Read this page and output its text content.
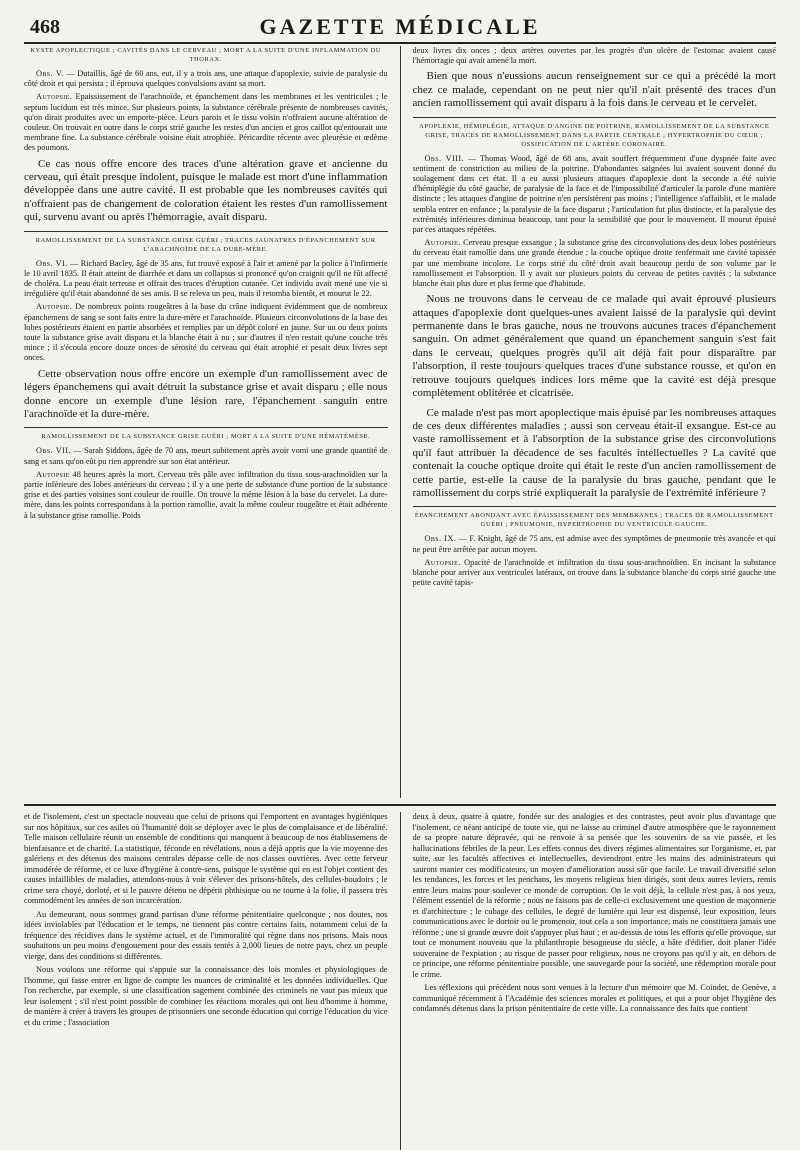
468	GAZETTE MÉDICALE
KYSTE APOPLECTIQUE ; CAVITÉS DANS LE CERVEAU ; MORT A LA SUITE D'UNE INFLAMMATION DU THORAX.

Obs. V. — Dutaillis, âgé de 60 ans, eut, il y a trois ans, une attaque d'apoplexie, suivie de paralysie du côté droit et qui persista ; il éprouva quelques convulsions avant sa mort.

Autopsie. Epaississement de l'arachnoïde, et épanchement dans les membranes et les ventricules ; le septum lucidum est très mince. Sur plusieurs points, la substance cérébrale présente de nombreuses cavités, qu'on dirait produites avec un emporte-pièce. Leurs parois et le tissu voisin n'offraient aucune altération de couleur. On trouvait en outre dans le corps strié gauche les restes d'un ancien et gros caillot qu'entourait une membrane fine. La substance cérébrale voisine était atrophiée. Péricardite récente avec pleurésie et œdème des poumons.

Ce cas nous offre encore des traces d'une altération grave et ancienne du cerveau, qui était presque indolent, puisque le malade est mort d'une inflammation développée dans une autre cavité. Il est probable que les nombreuses cavités qui n'offraient pas de changement de coloration étaient les restes d'un ramollissement qui, survenu avant ou après l'hémorragie, avait disparu.

RAMOLLISSEMENT DE LA SUBSTANCE GRISE GUÉRI ; TRACES JAUNATRES D'ÉPANCHEMENT SUR L'ARACHNOÏDE DE LA DURE-MÈRE.

Obs. VI. — Richard Bacley, âgé de 35 ans, fut trouvé exposé à l'air et amené par la police à l'infirmerie le 10 avril 1835. Il était atteint de diarrhée et dans un collapsus si prononcé qu'on craignit qu'il ne fût affecté de choléra. La peau était terreuse et offrait des traces d'éruption cutanée. Cet individu avait mené une vie si irrégulière qu'il était abandonné de ses amis. Il se releva un peu, mais il retomba bientôt, et mourut le 22.

Autopsie. De nombreux points rougeâtres à la base du crâne indiquent évidemment que de nombreux épanchemens de sang se sont faits entre la dure-mère et l'arachnoïde. Plusieurs circonvolutions de la base des lobes postérieurs étaient en partie absorbées et remplies par un dépôt coloré en jaune. Sur un ou deux points toute la substance grise avait disparu et la blanche était à nu ; sur d'autres il n'en restait qu'une couche très mince ; il s'écoula encore douze onces de sérosité du cerveau qui était atrophié et pesait deux livres sept onces.

Cette observation nous offre encore un exemple d'un ramollissement avec de légers épanchemens qui avait détruit la substance grise et avait disparu ; elle nous donne encore un exemple d'une lésion rare, l'épanchement sanguin entre l'arachnoïde et la dure-mère.

RAMOLLISSEMENT DE LA SUBSTANCE GRISE GUÉRI ; MORT A LA SUITE D'UNE HÉMATÉMÈSE.

Obs. VII. — Sarah Siddons, âgée de 70 ans, meurt subitement après avoir vomi une grande quantité de sang et sans qu'on eût pu rien apprendre sur son état antérieur.

Autopsie 48 heures après la mort. Cerveau très pâle avec infiltration du tissu sous-arachnoïdien sur la partie inférieure des lobes antérieurs du cerveau ; il y a une perte de substance d'une portion de la substance grise et des parties voisines sont couleur de rouille. On trouve la même lésion à la base du cervelet. La dure-mère, dans les points correspondans à la portion ramollie, avait la même couleur rougeâtre et était adhérente à la substance grise ramollie. Poids

deux livres dix onces ; deux artères ouvertes par les progrès d'un ulcère de l'estomac avaient causé l'hémorragie qui avait amené la mort.

Bien que nous n'eussions aucun renseignement sur ce qui a précédé la mort chez ce malade, cependant on ne peut nier qu'il n'ait présenté des traces d'un ancien ramollissement qui avait disparu à la fois dans le cerveau et le cervelet.

APOPLEXIE, HÉMIPLÉGIE, ATTAQUE D'ANGINE DE POITRINE, RAMOLLISSEMENT DE LA SUBSTANCE GRISE, TRACES DE RAMOLLISSEMENT DANS LA PARTIE CENTRALE ; HYPERTROPHIE DU CŒUR ; OSSIFICATION DE L'ARTÈRE CORONAIRE.

Obs. VIII. — Thomas Wood, âgé de 68 ans, avait souffert fréquemment d'une dyspnée faite avec sentiment de constriction au milieu de la poitrine. D'abondantes saignées lui avaient souvent donné du soulagement dans cet état. Il a eu aussi plusieurs attaques d'apoplexie dont la seconde a été suivie d'hémiplégie du côté gauche, de paralysie de la face et de l'impossibilité d'articuler la parole d'une manière distincte ; les attaques d'angine de poitrine n'en persistèrent pas moins ; l'intelligence s'affaiblit, et le malade sembla entrer en enfance ; la paralysie de la face disparut ; l'articulation fut plus distincte, et la paralysie des extrémités inférieures diminua beaucoup, tant pour la sensibilité que pour le mouvement. Il mourut épuisé par ces attaques répétées.

Autopsie. Cerveau presque exsangue ; la substance grise des circonvolutions des deux lobes postérieurs du cerveau était ramollie dans une grande étendue ; la couche optique droite renfermait une cavité tapissée par une membrane incolore. Le corps strié du côté droit avait beaucoup perdu de son volume par le ramollissement et l'absorption. Il y avait sur plusieurs points du cerveau de petites cavités ; la substance blanche était plus dure et plus ferme que d'habitude.

Nous ne trouvons dans le cerveau de ce malade qui avait éprouvé plusieurs attaques d'apoplexie dont quelques-unes avaient laissé de la paralysie qui devint permanente dans le bras gauche, nous ne trouvons aucunes traces d'épanchement sanguin. On admet généralement que quand un épanchement sanguin s'est fait dans le cerveau, quelques progrès qu'il ait déjà fait pour disparaître par l'absorption, il reste toujours quelques traces d'une substance rousse, et qu'on en retrouve toujours quelques indices lors même que la cavité est déjà presque complètement oblitérée et cicatrisée.

Ce malade n'est pas mort apoplectique mais épuisé par les nombreuses attaques de ces deux différentes maladies ; aussi son cerveau était-il exsangue. Est-ce au vaste ramollissement et à l'absorption de la substance grise des circonvolutions qu'il faut attribuer la décadence de ses facultés intellectuelles ? La cavité que contenait la couche optique droite qui était le reste d'un ancien ramollissement de cette partie, est-elle la cause de la paralysie du bras gauche, pendant que le ramollissement du corps strié expliquerait la paralysie de l'extrémité inférieure ?

ÉPANCHEMENT ABONDANT AVEC ÉPAISSISSEMENT DES MEMBRANES ; TRACES DE RAMOLLISSEMENT GUÉRI ; PNEUMONIE, HYPERTROPHIE DU VENTRICULE GAUCHE.

Obs. IX. — F. Knight, âgé de 75 ans, est admise avec des symptômes de pneumonie très avancée et qui ne peut être arrêtée par aucun moyen.

Autopsie. Opacité de l'arachnoïde et infiltration du tissu sous-arachnoïdien. En incisant la substance blanche pour arriver aux ventricules latéraux, on trouve dans la substance blanche du corps strié gauche une petite cavité tapis-

et de l'isolement, c'est un spectacle nouveau que celui de prisons qui l'emportent en avantages hygiéniques sur nos hôpitaux, sur ces asiles où l'humanité doit se déployer avec le plus de complaisance et de libéralité. Telle maison cellulaire réunit un ensemble de conditions qui manquent à beaucoup de nos établissemens de bienfaisance et de charité. La statistique, féconde en révélations, nous a déjà appris que la vie moyenne des galériens et des détenus des maisons centrales dépasse celle de nos classes ouvrières. Avec cette ferveur immodérée de réforme, et ce luxe d'hygiène à contre-sens, puisque le système qui en est l'objet contient des causes infaillibles de maladies, attendons-nous à voir s'élever des prisons-hôtels, des cellules-boudoirs ; le crime sera choyé, dorloté, et si le pauvre détenu ne dépérit phthisique ou ne tourne à la folie, il passera très commodément les années de son incarcération.

Au demeurant, nous sommes grand partisan d'une réforme pénitentiaire quelconque ; nos doutes, nos idées inviolables par l'éducation et le temps, ne tiennent pas contre certains faits, notamment celui de la fréquence des récidives dans le système actuel, et de l'immoralité qui règne dans nos prisons. Mais nous souhaitons un peu moins d'engouement pour des essais tentés à 2,000 lieues de notre pays, chez un peuple vierge, dans des conditions si différentes.

Nous voulons une réforme qui s'appuie sur la connaissance des lois morales et physiologiques de l'homme, qui fasse entrer en ligne de compte les nuances de criminalité et les données individuelles. Que l'on recherche, par exemple, si une classification sagement combinée des criminels ne vaut pas mieux que leur isolement ; s'il n'est point possible de combiner les réactions morales qui ont lieu d'homme à homme, de manière à créer à travers les groupes de prisonniers une seconde éducation qui corrige l'éducation du vice et du crime ; l'association

deux à deux, quatre à quatre, fondée sur des analogies et des contrastes, peut avoir plus d'avantage que l'isolement, ce néant anticipé de toute vie, qui ne laisse au criminel d'autre atmosphère que le rayonnement de sa propre nature dépravée, qui ne renvoie à sa pensée que les souvenirs de sa vie passée, et les hallucinations fébriles de la peur. Les effets connus des divers régimes alimentaires sur l'organisme, et, par suite, sur les facultés affectives et intellectuelles, deviendront entre les mains des administrateurs qui sauront manier ces modificateurs, un moyen d'amélioration aussi sûr que facile. Le travail diversifié selon les tendances, les forces et les penchans, les moyens religieux bien dirigés, sont deux autres leviers, remis entre leurs mains pour soulever ce monde de corruption. On le voit déjà, la cellule n'est pas, à nos yeux, l'élément essentiel de la réforme ; nous ne faisons pas de celle-ci exclusivement une question de maçonnerie et d'architecture ; le cubage des cellules, le degré de lumière qui leur est dispensé, leur exposition, leurs communications avec le dortoir ou le promenoir, tout cela a son importance, mais ne constituera jamais une réforme ; une si grande œuvre doit s'appuyer plus haut ; et au-dessus de tous les efforts qu'elle provoque, sur tout ce monument nouveau que la philanthropie besogneuse du siècle, a hâte d'édifier, doit planer l'idée souveraine de l'expiation ; au risque de passer pour religieux, nous ne croyons pas qu'il y ait, en dehors de ce principe, une réforme pénitentiaire possible, une sauvegarde pour la société, une rédemption morale pour le crime.

Les réflexions qui précèdent nous sont venues à la lecture d'un mémoire que M. Coindet, de Genève, a communiqué récemment à l'Académie des sciences morales et politiques, et qui a pour objet l'hygiène des condamnés détenus dans la prison pénitentiaire de cette ville. La connaissance des faits que contient
